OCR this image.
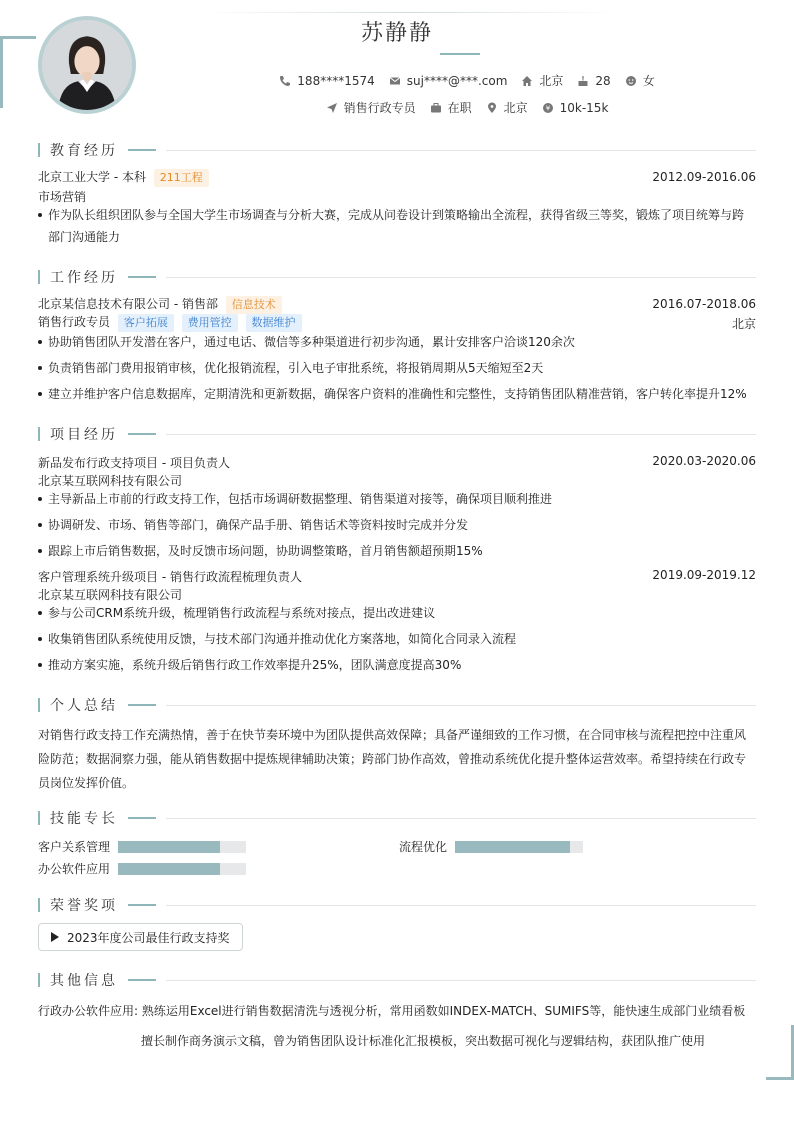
苏静静
188****1574	suj****@***.com	北京	28	女
销售行政专员	在职	北京	¥ 10k-15k
教育经历
北京工业大学 - 本科 211工程	2012.09-2016.06
市场营销
作为队长组织团队参与全国大学生市场调查与分析大赛，完成从问卷设计到策略输出全流程，获得省级三等奖，锻炼了项目统筹与跨
部门沟通能力
工作经历
北京某信息技术有限公司 - 销售部 信息技术	2016.07-2018.06
销售行政专员 客户拓展 费用管控 数据维护	北京
协助销售团队开发潜在客户，通过电话、微信等多种渠道进行初步沟通，累计安排客户洽谈120余次
负责销售部门费用报销审核，优化报销流程，引入电子审批系统，将报销周期从5天缩短至2天
建立并维护客户信息数据库，定期清洗和更新数据，确保客户资料的准确性和完整性，支持销售团队精准营销，客户转化率提升12%
项目经历
新品发布行政支持项目 - 项目负责人	2020.03-2020.06
北京某互联网科技有限公司
主导新品上市前的行政支持工作，包括市场调研数据整理、销售渠道对接等，确保项目顺利推进
协调研发、市场、销售等部门，确保产品手册、销售话术等资料按时完成并分发
跟踪上市后销售数据，及时反馈市场问题，协助调整策略，首月销售额超预期15%
客户管理系统升级项目 - 销售行政流程梳理负责人	2019.09-2019.12
北京某互联网科技有限公司
参与公司CRM系统升级，梳理销售行政流程与系统对接点，提出改进建议
收集销售团队系统使用反馈，与技术部门沟通并推动优化方案落地，如简化合同录入流程
推动方案实施，系统升级后销售行政工作效率提升25%，团队满意度提高30%
个人总结
对销售行政支持工作充满热情，善于在快节奏环境中为团队提供高效保障；具备严谨细致的工作习惯，在合同审核与流程把控中注重风
险防范；数据洞察力强，能从销售数据中提炼规律辅助决策；跨部门协作高效，曾推动系统优化提升整体运营效率。希望持续在行政专
员岗位发挥价值。
技能专长
客户关系管理	流程优化
办公软件应用
荣誉奖项
2023年度公司最佳行政支持奖
其他信息
行政办公软件应用: 熟练运用Excel进行销售数据清洗与透视分析，常用函数如INDEX-MATCH、SUMIFS等，能快速生成部门业绩看板
擅长制作商务演示文稿，曾为销售团队设计标准化汇报模板，突出数据可视化与逻辑结构，获团队推广使用
